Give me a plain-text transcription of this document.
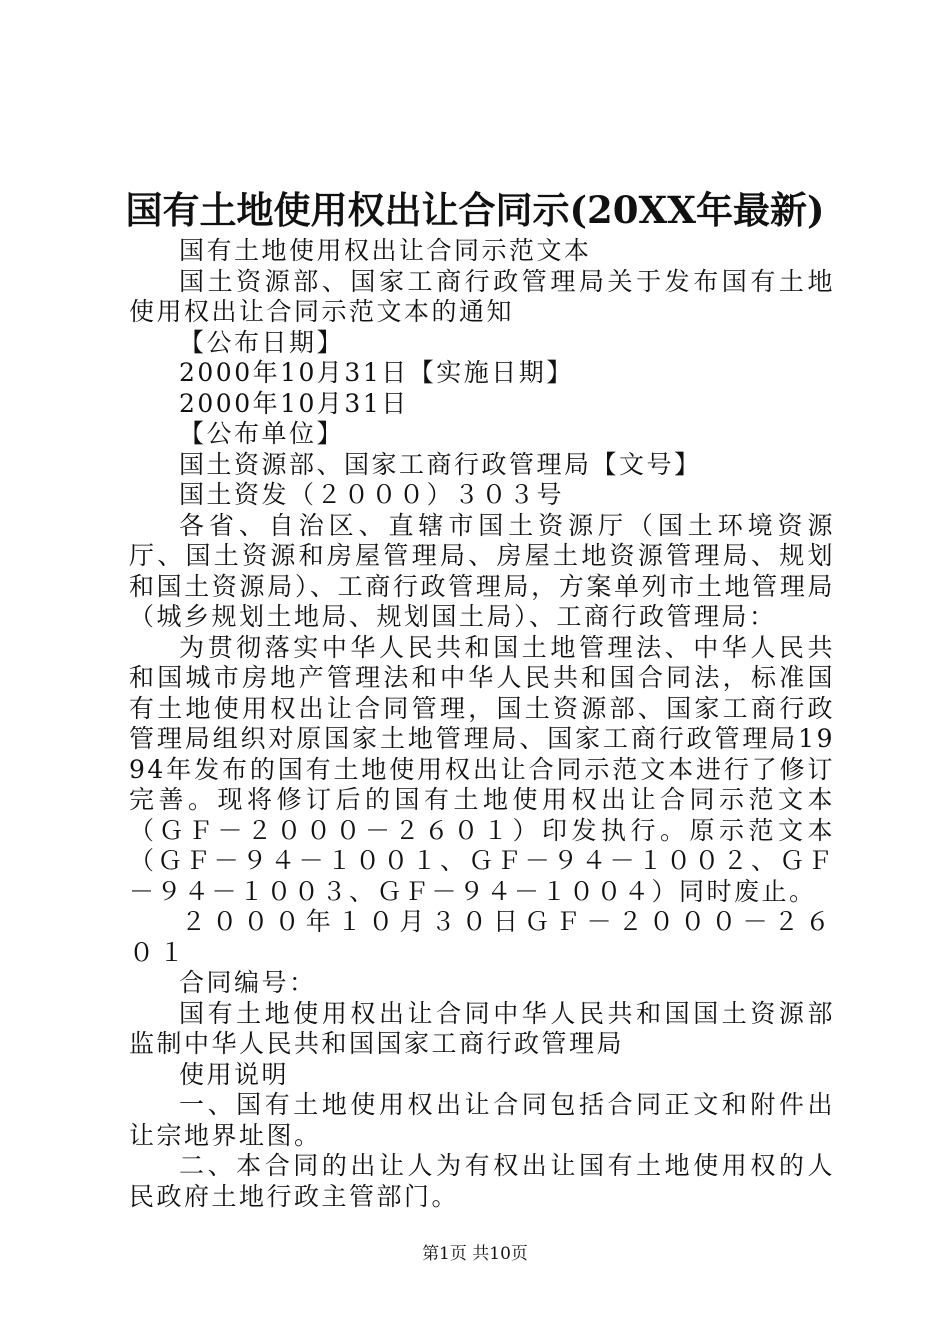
国有土地使用权出让合同示(20XX年最新)

国有土地使用权出让合同示范文本

国土资源部、国家工商行政管理局关于发布国有土地使用权出让合同示范文本的通知

【公布日期】

2000年10月31日【实施日期】

2000年10月31日

【公布单位】

国土资源部、国家工商行政管理局【文号】

国土资发（２０００）３０３号

各省、自治区、直辖市国土资源厅（国土环境资源厅、国土资源和房屋管理局、房屋土地资源管理局、规划和国土资源局）、工商行政管理局，方案单列市土地管理局（城乡规划土地局、规划国土局）、工商行政管理局：

为贯彻落实中华人民共和国土地管理法、中华人民共和国城市房地产管理法和中华人民共和国合同法，标准国有土地使用权出让合同管理，国土资源部、国家工商行政管理局组织对原国家土地管理局、国家工商行政管理局1994年发布的国有土地使用权出让合同示范文本进行了修订完善。现将修订后的国有土地使用权出让合同示范文本（ＧＦ－２０００－２６０１）印发执行。原示范文本（ＧＦ－９４－１００１、ＧＦ－９４－１００２、ＧＦ－９４－１００３、ＧＦ－９４－１００４）同时废止。

２０００年１０月３０日ＧＦ－２０００－２６０１

合同编号：

国有土地使用权出让合同中华人民共和国国土资源部监制中华人民共和国国家工商行政管理局

使用说明

一、国有土地使用权出让合同包括合同正文和附件出让宗地界址图。

二、本合同的出让人为有权出让国有土地使用权的人民政府土地行政主管部门。

第1页 共10页
